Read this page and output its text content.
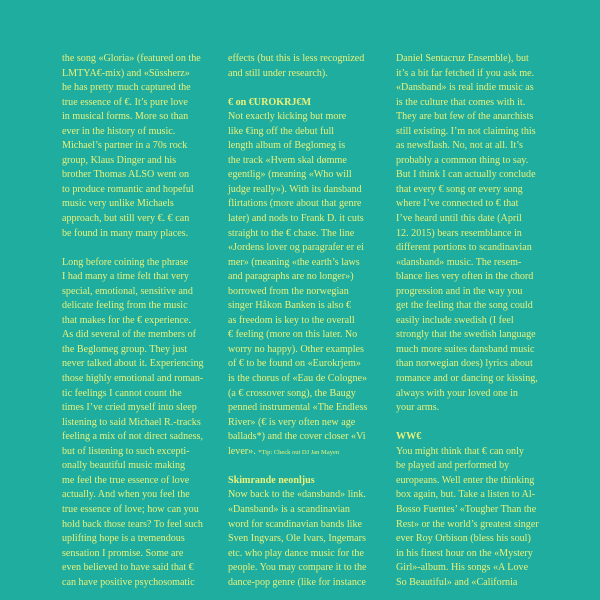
the song «Gloria» (featured on the
LMTYA€-mix) and «Süssherz»
he has pretty much captured the
true essence of €. It’s pure love
in musical forms. More so than
ever in the history of music.
Michael’s partner in a 70s rock
group, Klaus Dinger and his
brother Thomas ALSO went on
to produce romantic and hopeful
music very unlike Michaels
approach, but still very €. € can
be found in many many places.
Long before coining the phrase
I had many a time felt that very
special, emotional, sensitive and
delicate feeling from the music
that makes for the € experience.
As did several of the members of
the Beglomeg group. They just
never talked about it. Experiencing
those highly emotional and roman-
tic feelings I cannot count the
times I’ve cried myself into sleep
listening to said Michael R.-tracks
feeling a mix of not direct sadness,
but of listening to such excepti-
onally beautiful music making
me feel the true essence of love
actually. And when you feel the
true essence of love; how can you
hold back those tears? To feel such
uplifting hope is a tremendous
sensation I promise. Some are
even believed to have said that €
can have positive psychosomatic
effects (but this is less recognized
and still under research).
€ on €UROKRJ€M
Not exactly kicking but more
like €ing off the debut full
length album of Beglomeg is
the track «Hvem skal dømme
egentlig» (meaning «Who will
judge really»). With its dansband
flirtations (more about that genre
later) and nods to Frank D. it cuts
straight to the € chase. The line
«Jordens lover og paragrafer er ei
mer» (meaning «the earth’s laws
and paragraphs are no longer»)
borrowed from the norwegian
singer Håkon Banken is also €
as freedom is key to the overall
€ feeling (more on this later. No
worry no happy). Other examples
of € to be found on «Eurokrjem»
is the chorus of «Eau de Cologne»
(a € crossover song), the Baugy
penned instrumental «The Endless
River» (€ is very often new age
ballads*) and the cover closer «Vi
lever». *Tip: Check out DJ Jan Mayen
Skimrande neonljus
Now back to the «dansband» link.
«Dansband» is a scandinavian
word for scandinavian bands like
Sven Ingvars, Ole Ivars, Ingemars
etc. who play dance music for the
people. You may compare it to the
dance-pop genre (like for instance
Daniel Sentacruz Ensemble), but
it’s a bit far fetched if you ask me.
«Dansband» is real indie music as
is the culture that comes with it.
They are but few of the anarchists
still existing. I’m not claiming this
as newsflash. No, not at all. It’s
probably a common thing to say.
But I think I can actually conclude
that every € song or every song
where I’ve connected to € that
I’ve heard until this date (April
12. 2015) bears resemblance in
different portions to scandinavian
«dansband» music. The resem-
blance lies very often in the chord
progression and in the way you
get the feeling that the song could
easily include swedish (I feel
strongly that the swedish language
much more suites dansband music
than norwegian does) lyrics about
romance and or dancing or kissing,
always with your loved one in
your arms.
WW€
You might think that € can only
be played and performed by
europeans. Well enter the thinking
box again, but. Take a listen to Al-
Bosso Fuentes’ «Tougher Than the
Rest» or the world’s greatest singer
ever Roy Orbison (bless his soul)
in his finest hour on the «Mystery
Girl»-album. His songs «A Love
So Beautiful» and «California
